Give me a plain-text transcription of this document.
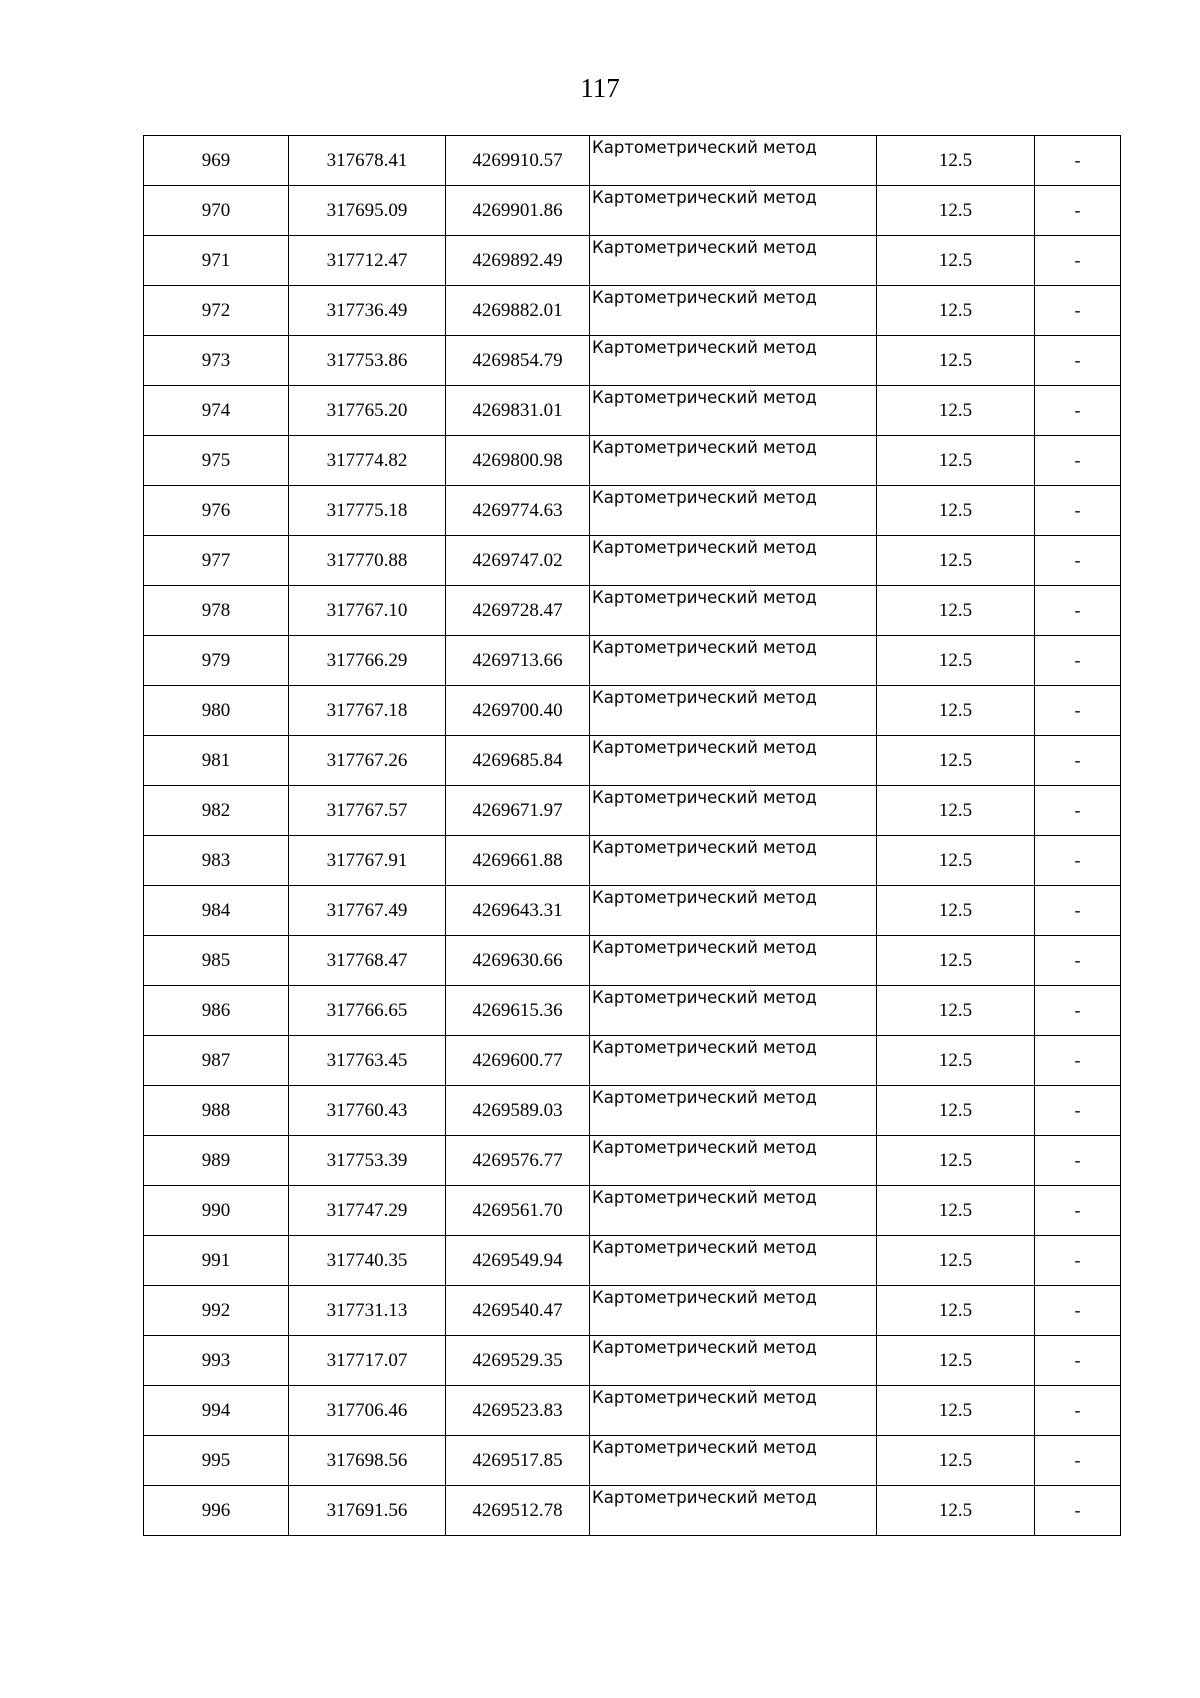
117
969	317678.41	4269910.57	Картометрический метод	12.5	-
970	317695.09	4269901.86	Картометрический метод	12.5	-
971	317712.47	4269892.49	Картометрический метод	12.5	-
972	317736.49	4269882.01	Картометрический метод	12.5	-
973	317753.86	4269854.79	Картометрический метод	12.5	-
974	317765.20	4269831.01	Картометрический метод	12.5	-
975	317774.82	4269800.98	Картометрический метод	12.5	-
976	317775.18	4269774.63	Картометрический метод	12.5	-
977	317770.88	4269747.02	Картометрический метод	12.5	-
978	317767.10	4269728.47	Картометрический метод	12.5	-
979	317766.29	4269713.66	Картометрический метод	12.5	-
980	317767.18	4269700.40	Картометрический метод	12.5	-
981	317767.26	4269685.84	Картометрический метод	12.5	-
982	317767.57	4269671.97	Картометрический метод	12.5	-
983	317767.91	4269661.88	Картометрический метод	12.5	-
984	317767.49	4269643.31	Картометрический метод	12.5	-
985	317768.47	4269630.66	Картометрический метод	12.5	-
986	317766.65	4269615.36	Картометрический метод	12.5	-
987	317763.45	4269600.77	Картометрический метод	12.5	-
988	317760.43	4269589.03	Картометрический метод	12.5	-
989	317753.39	4269576.77	Картометрический метод	12.5	-
990	317747.29	4269561.70	Картометрический метод	12.5	-
991	317740.35	4269549.94	Картометрический метод	12.5	-
992	317731.13	4269540.47	Картометрический метод	12.5	-
993	317717.07	4269529.35	Картометрический метод	12.5	-
994	317706.46	4269523.83	Картометрический метод	12.5	-
995	317698.56	4269517.85	Картометрический метод	12.5	-
996	317691.56	4269512.78	Картометрический метод	12.5	-
